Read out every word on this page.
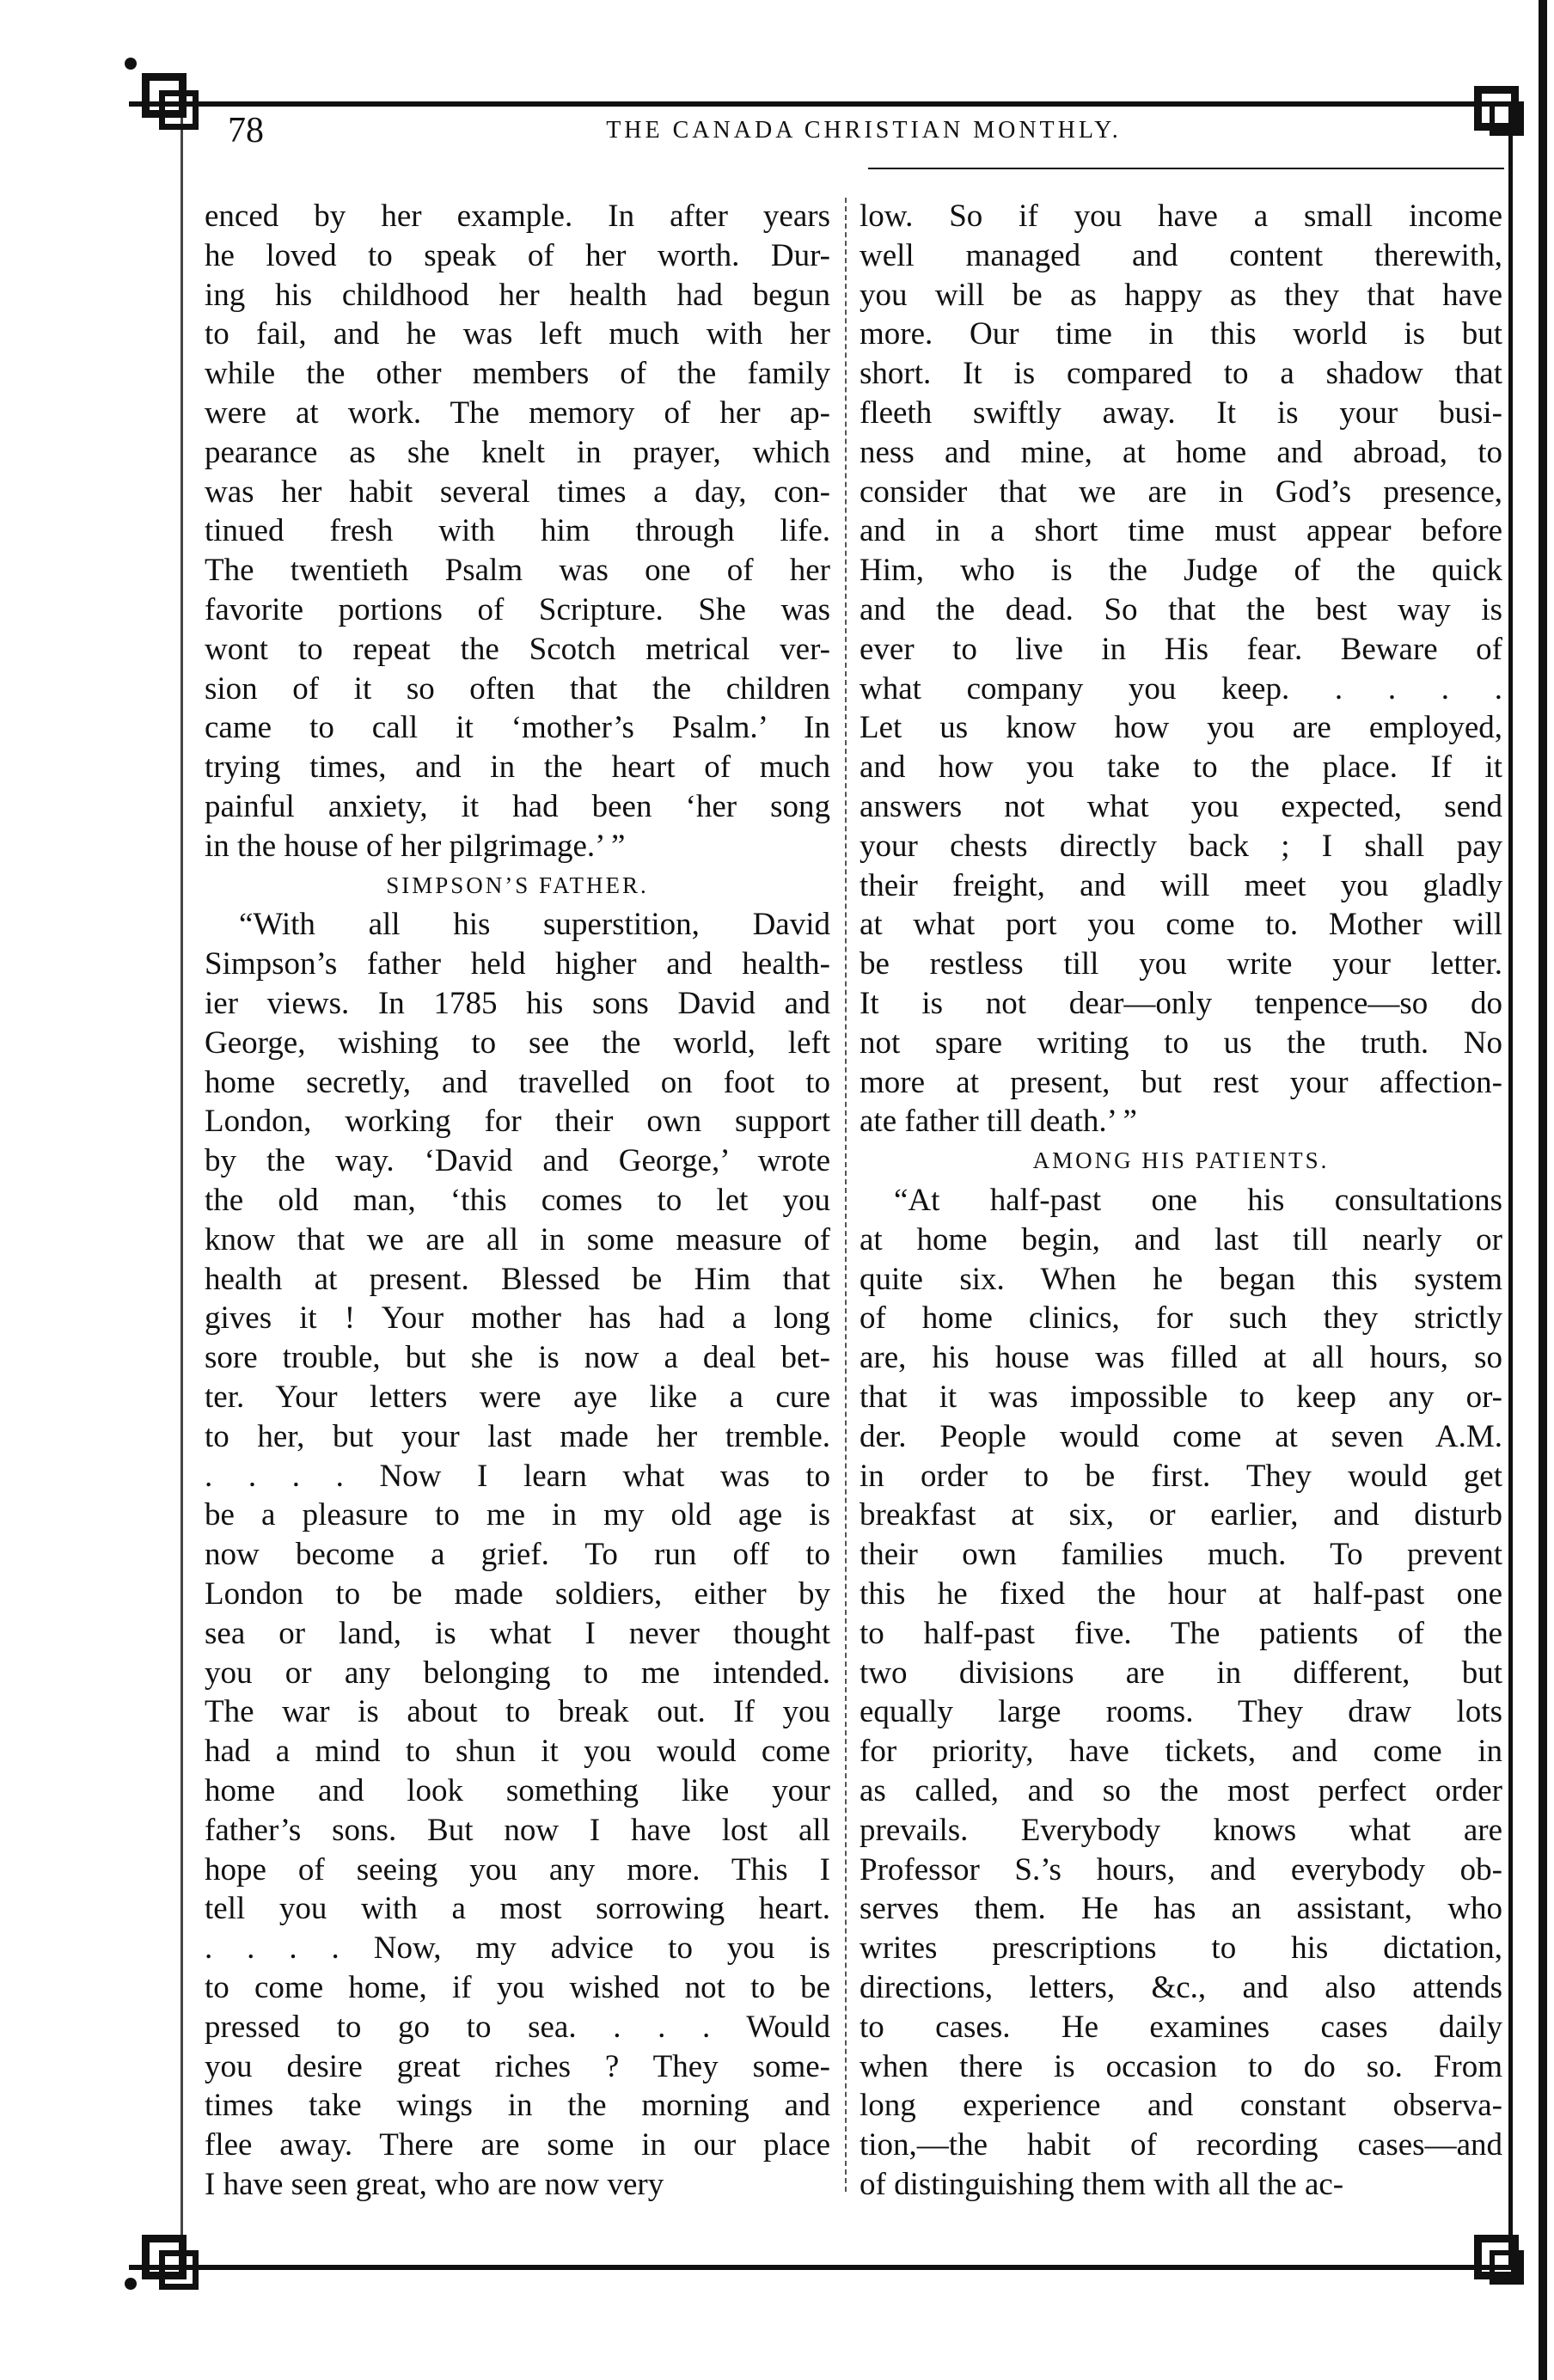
78	THE CANADA CHRISTIAN MONTHLY.
enced by her example. In after years
he loved to speak of her worth. Dur-
ing his childhood her health had begun
to fail, and he was left much with her
while the other members of the family
were at work. The memory of her ap-
pearance as she knelt in prayer, which
was her habit several times a day, con-
tinued fresh with him through life.
The twentieth Psalm was one of her
favorite portions of Scripture. She was
wont to repeat the Scotch metrical ver-
sion of it so often that the children
came to call it ‘mother’s Psalm.’ In
trying times, and in the heart of much
painful anxiety, it had been ‘her song
in the house of her pilgrimage.’ ”
SIMPSON’S FATHER.
“With all his superstition, David
Simpson’s father held higher and health-
ier views. In 1785 his sons David and
George, wishing to see the world, left
home secretly, and travelled on foot to
London, working for their own support
by the way. ‘David and George,’ wrote
the old man, ‘this comes to let you
know that we are all in some measure of
health at present. Blessed be Him that
gives it ! Your mother has had a long
sore trouble, but she is now a deal bet-
ter. Your letters were aye like a cure
to her, but your last made her tremble.
. . . . Now I learn what was to
be a pleasure to me in my old age is
now become a grief. To run off to
London to be made soldiers, either by
sea or land, is what I never thought
you or any belonging to me intended.
The war is about to break out. If you
had a mind to shun it you would come
home and look something like your
father’s sons. But now I have lost all
hope of seeing you any more. This I
tell you with a most sorrowing heart.
. . . . Now, my advice to you is
to come home, if you wished not to be
pressed to go to sea. . . . Would
you desire great riches ? They some-
times take wings in the morning and
flee away. There are some in our place
I have seen great, who are now very
low. So if you have a small income
well managed and content therewith,
you will be as happy as they that have
more. Our time in this world is but
short. It is compared to a shadow that
fleeth swiftly away. It is your busi-
ness and mine, at home and abroad, to
consider that we are in God’s presence,
and in a short time must appear before
Him, who is the Judge of the quick
and the dead. So that the best way is
ever to live in His fear. Beware of
what company you keep. . . . .
Let us know how you are employed,
and how you take to the place. If it
answers not what you expected, send
your chests directly back ; I shall pay
their freight, and will meet you gladly
at what port you come to. Mother will
be restless till you write your letter.
It is not dear—only tenpence—so do
not spare writing to us the truth. No
more at present, but rest your affection-
ate father till death.’ ”
AMONG HIS PATIENTS.
“At half-past one his consultations
at home begin, and last till nearly or
quite six. When he began this system
of home clinics, for such they strictly
are, his house was filled at all hours, so
that it was impossible to keep any or-
der. People would come at seven A.M.
in order to be first. They would get
breakfast at six, or earlier, and disturb
their own families much. To prevent
this he fixed the hour at half-past one
to half-past five. The patients of the
two divisions are in different, but
equally large rooms. They draw lots
for priority, have tickets, and come in
as called, and so the most perfect order
prevails. Everybody knows what are
Professor S.’s hours, and everybody ob-
serves them. He has an assistant, who
writes prescriptions to his dictation,
directions, letters, &c., and also attends
to cases. He examines cases daily
when there is occasion to do so. From
long experience and constant observa-
tion,—the habit of recording cases—and
of distinguishing them with all the ac-
